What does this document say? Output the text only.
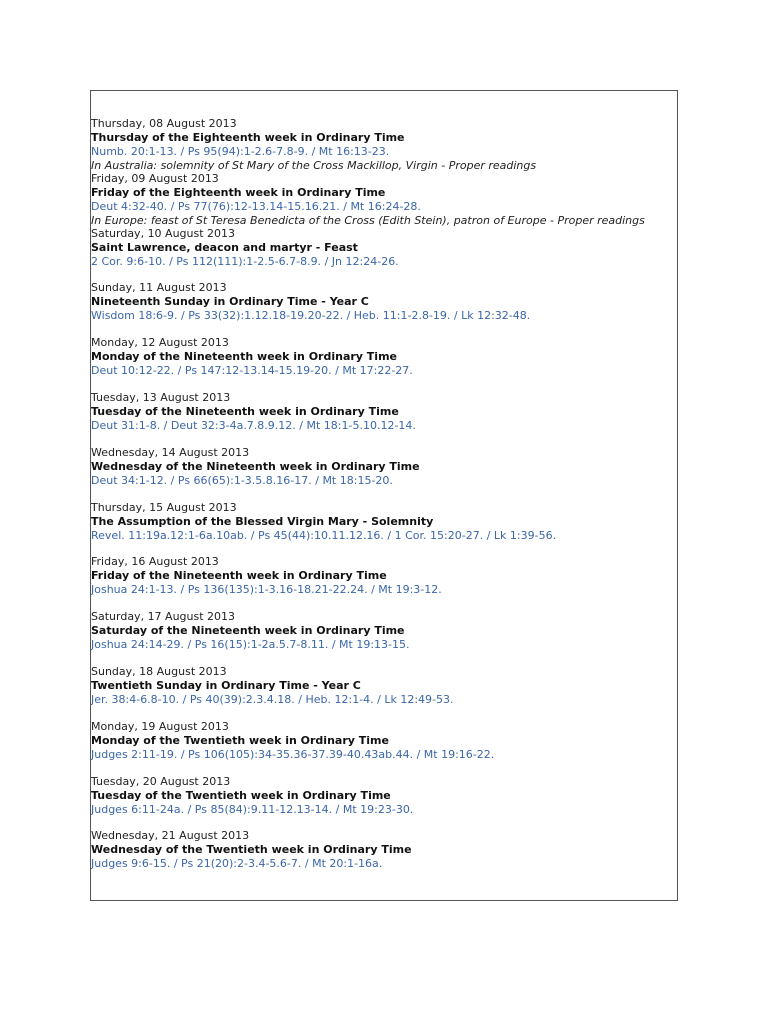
Thursday, 08 August 2013
Thursday of the Eighteenth week in Ordinary Time
Numb. 20:1-13. / Ps 95(94):1-2.6-7.8-9. / Mt 16:13-23.
In Australia: solemnity of St Mary of the Cross Mackillop, Virgin - Proper readings
Friday, 09 August 2013
Friday of the Eighteenth week in Ordinary Time
Deut 4:32-40. / Ps 77(76):12-13.14-15.16.21. / Mt 16:24-28.
In Europe: feast of St Teresa Benedicta of the Cross (Edith Stein), patron of Europe - Proper readings
Saturday, 10 August 2013
Saint Lawrence, deacon and martyr - Feast
2 Cor. 9:6-10. / Ps 112(111):1-2.5-6.7-8.9. / Jn 12:24-26.
Sunday, 11 August 2013
Nineteenth Sunday in Ordinary Time - Year C
Wisdom 18:6-9. / Ps 33(32):1.12.18-19.20-22. / Heb. 11:1-2.8-19. / Lk 12:32-48.
Monday, 12 August 2013
Monday of the Nineteenth week in Ordinary Time
Deut 10:12-22. / Ps 147:12-13.14-15.19-20. / Mt 17:22-27.
Tuesday, 13 August 2013
Tuesday of the Nineteenth week in Ordinary Time
Deut 31:1-8. / Deut 32:3-4a.7.8.9.12. / Mt 18:1-5.10.12-14.
Wednesday, 14 August 2013
Wednesday of the Nineteenth week in Ordinary Time
Deut 34:1-12. / Ps 66(65):1-3.5.8.16-17. / Mt 18:15-20.
Thursday, 15 August 2013
The Assumption of the Blessed Virgin Mary - Solemnity
Revel. 11:19a.12:1-6a.10ab. / Ps 45(44):10.11.12.16. / 1 Cor. 15:20-27. / Lk 1:39-56.
Friday, 16 August 2013
Friday of the Nineteenth week in Ordinary Time
Joshua 24:1-13. / Ps 136(135):1-3.16-18.21-22.24. / Mt 19:3-12.
Saturday, 17 August 2013
Saturday of the Nineteenth week in Ordinary Time
Joshua 24:14-29. / Ps 16(15):1-2a.5.7-8.11. / Mt 19:13-15.
Sunday, 18 August 2013
Twentieth Sunday in Ordinary Time - Year C
Jer. 38:4-6.8-10. / Ps 40(39):2.3.4.18. / Heb. 12:1-4. / Lk 12:49-53.
Monday, 19 August 2013
Monday of the Twentieth week in Ordinary Time
Judges 2:11-19. / Ps 106(105):34-35.36-37.39-40.43ab.44. / Mt 19:16-22.
Tuesday, 20 August 2013
Tuesday of the Twentieth week in Ordinary Time
Judges 6:11-24a. / Ps 85(84):9.11-12.13-14. / Mt 19:23-30.
Wednesday, 21 August 2013
Wednesday of the Twentieth week in Ordinary Time
Judges 9:6-15. / Ps 21(20):2-3.4-5.6-7. / Mt 20:1-16a.
